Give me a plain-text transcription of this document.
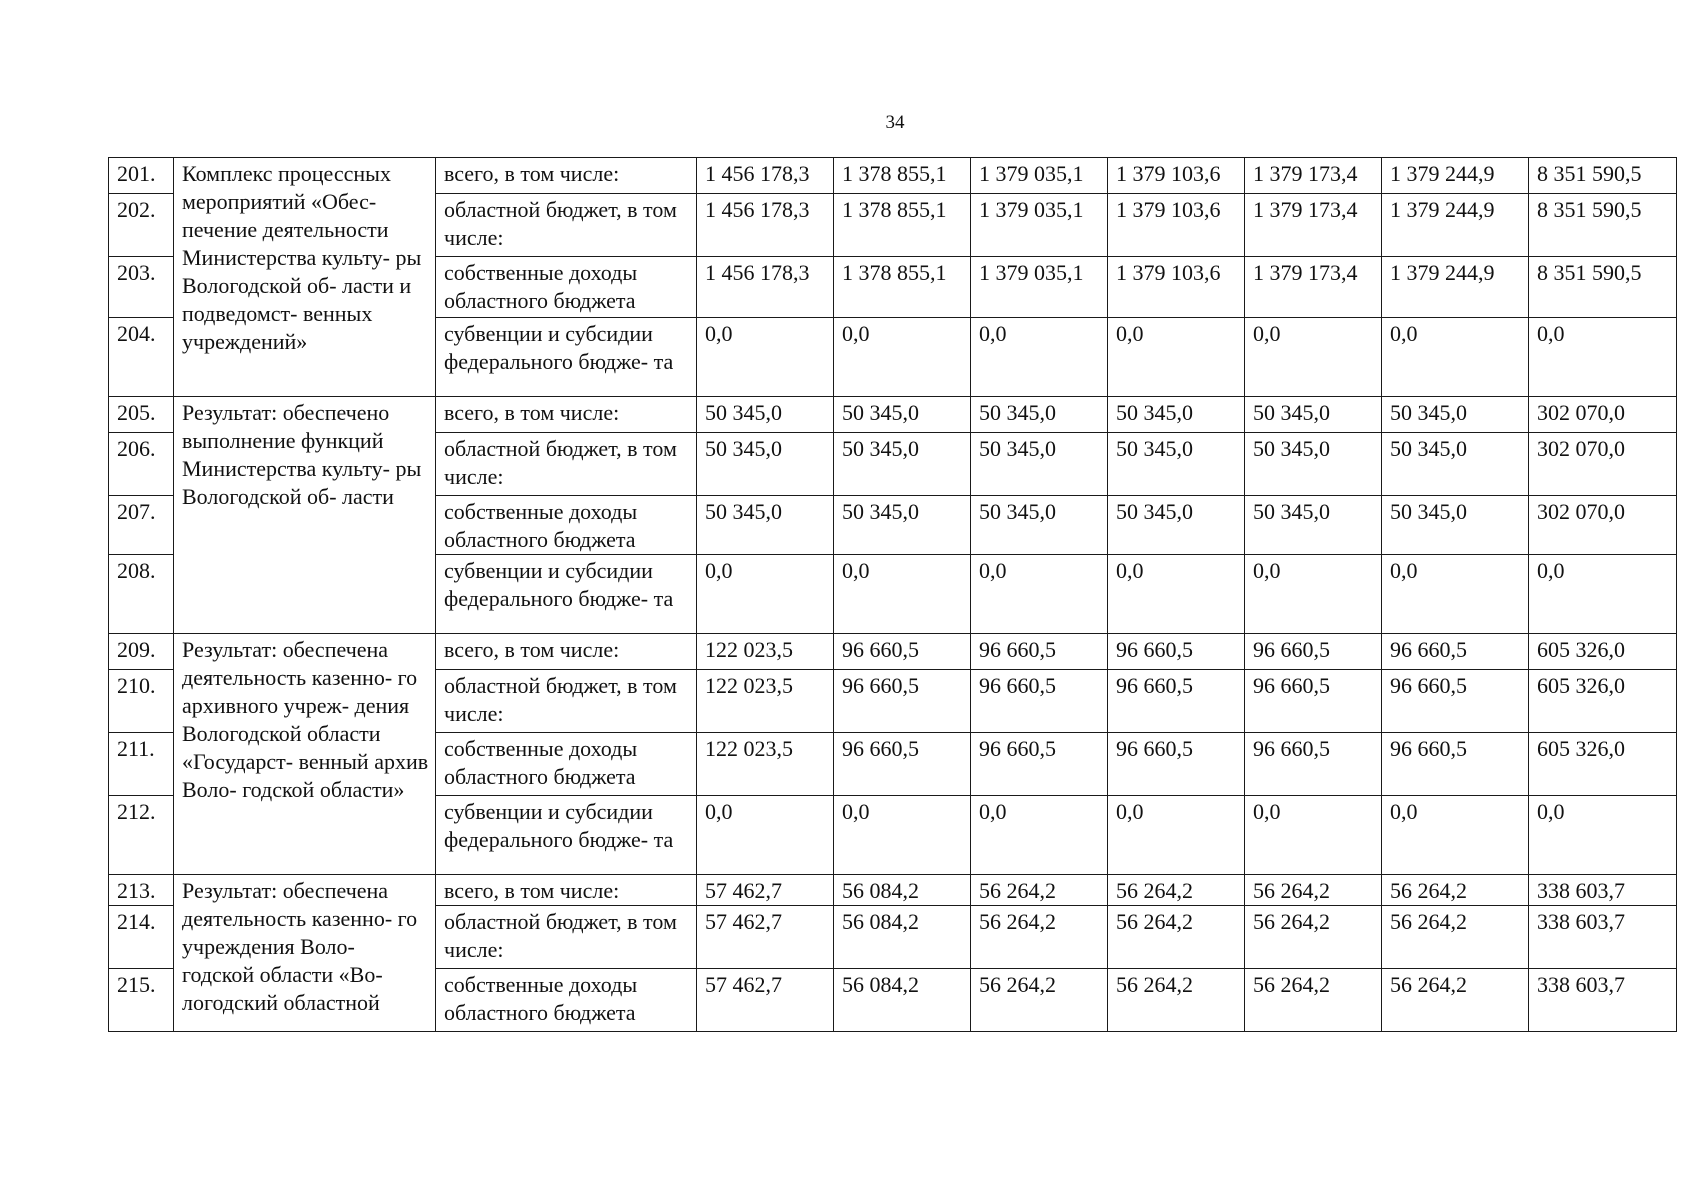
34
201.	Комплекс процессных мероприятий «Обес- печение деятельности Министерства культу- ры Вологодской об- ласти и подведомст- венных учреждений»	всего, в том числе:	1 456 178,3	1 378 855,1	1 379 035,1	1 379 103,6	1 379 173,4	1 379 244,9	8 351 590,5
202.		областной бюджет, в том числе:	1 456 178,3	1 378 855,1	1 379 035,1	1 379 103,6	1 379 173,4	1 379 244,9	8 351 590,5
203.		собственные доходы областного бюджета	1 456 178,3	1 378 855,1	1 379 035,1	1 379 103,6	1 379 173,4	1 379 244,9	8 351 590,5
204.		субвенции и субсидии федерального бюдже- та	0,0	0,0	0,0	0,0	0,0	0,0	0,0
205.	Результат: обеспечено выполнение функций Министерства культу- ры Вологодской об- ласти	всего, в том числе:	50 345,0	50 345,0	50 345,0	50 345,0	50 345,0	50 345,0	302 070,0
206.		областной бюджет, в том числе:	50 345,0	50 345,0	50 345,0	50 345,0	50 345,0	50 345,0	302 070,0
207.		собственные доходы областного бюджета	50 345,0	50 345,0	50 345,0	50 345,0	50 345,0	50 345,0	302 070,0
208.		субвенции и субсидии федерального бюдже- та	0,0	0,0	0,0	0,0	0,0	0,0	0,0
209.	Результат: обеспечена деятельность казенно- го архивного учреж- дения Вологодской области «Государст- венный архив Воло- годской области»	всего, в том числе:	122 023,5	96 660,5	96 660,5	96 660,5	96 660,5	96 660,5	605 326,0
210.		областной бюджет, в том числе:	122 023,5	96 660,5	96 660,5	96 660,5	96 660,5	96 660,5	605 326,0
211.		собственные доходы областного бюджета	122 023,5	96 660,5	96 660,5	96 660,5	96 660,5	96 660,5	605 326,0
212.		субвенции и субсидии федерального бюдже- та	0,0	0,0	0,0	0,0	0,0	0,0	0,0
213.	Результат: обеспечена деятельность казенно- го учреждения Воло- годской области «Во- логодский областной	всего, в том числе:	57 462,7	56 084,2	56 264,2	56 264,2	56 264,2	56 264,2	338 603,7
214.		областной бюджет, в том числе:	57 462,7	56 084,2	56 264,2	56 264,2	56 264,2	56 264,2	338 603,7
215.		собственные доходы областного бюджета	57 462,7	56 084,2	56 264,2	56 264,2	56 264,2	56 264,2	338 603,7
